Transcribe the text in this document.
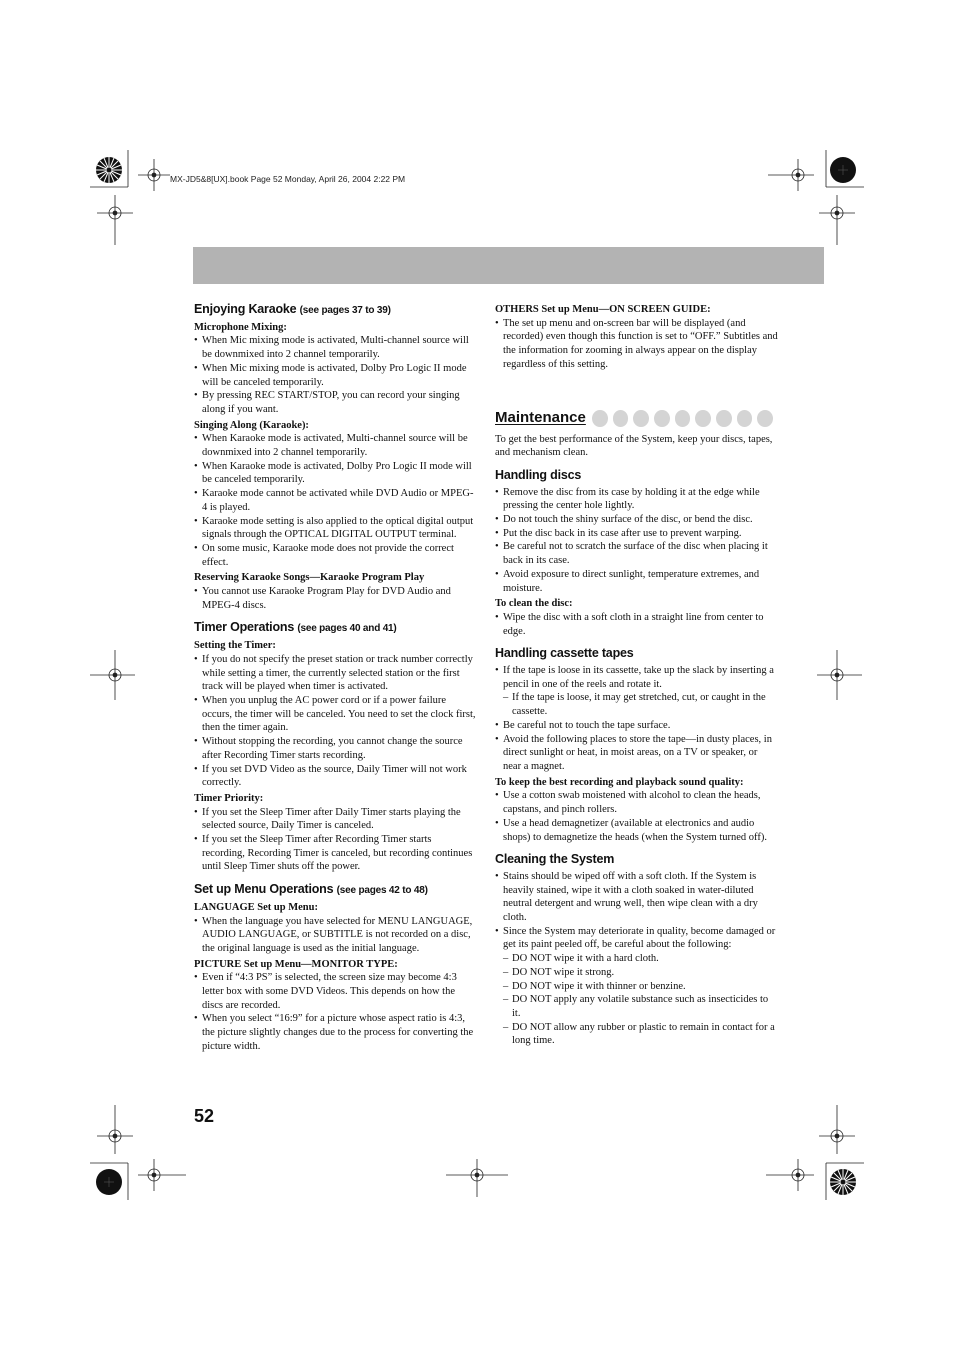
MX-JD5&8[UX].book Page 52 Monday, April 26, 2004 2:22 PM
Enjoying Karaoke (see pages 37 to 39)
Microphone Mixing:
• When Mic mixing mode is activated, Multi-channel source will be downmixed into 2 channel temporarily.
• When Mic mixing mode is activated, Dolby Pro Logic II mode will be canceled temporarily.
• By pressing REC START/STOP, you can record your singing along if you want.
Singing Along (Karaoke):
• When Karaoke mode is activated, Multi-channel source will be downmixed into 2 channel temporarily.
• When Karaoke mode is activated, Dolby Pro Logic II mode will be canceled temporarily.
• Karaoke mode cannot be activated while DVD Audio or MPEG-4 is played.
• Karaoke mode setting is also applied to the optical digital output signals through the OPTICAL DIGITAL OUTPUT terminal.
• On some music, Karaoke mode does not provide the correct effect.
Reserving Karaoke Songs—Karaoke Program Play
• You cannot use Karaoke Program Play for DVD Audio and MPEG-4 discs.
Timer Operations (see pages 40 and 41)
Setting the Timer:
• If you do not specify the preset station or track number correctly while setting a timer, the currently selected station or the first track will be played when timer is activated.
• When you unplug the AC power cord or if a power failure occurs, the timer will be canceled. You need to set the clock first, then the timer again.
• Without stopping the recording, you cannot change the source after Recording Timer starts recording.
• If you set DVD Video as the source, Daily Timer will not work correctly.
Timer Priority:
• If you set the Sleep Timer after Daily Timer starts playing the selected source, Daily Timer is canceled.
• If you set the Sleep Timer after Recording Timer starts recording, Recording Timer is canceled, but recording continues until Sleep Timer shuts off the power.
Set up Menu Operations (see pages 42 to 48)
LANGUAGE Set up Menu:
• When the language you have selected for MENU LANGUAGE, AUDIO LANGUAGE, or SUBTITLE is not recorded on a disc, the original language is used as the initial language.
PICTURE Set up Menu—MONITOR TYPE:
• Even if “4:3 PS” is selected, the screen size may become 4:3 letter box with some DVD Videos. This depends on how the discs are recorded.
• When you select “16:9” for a picture whose aspect ratio is 4:3, the picture slightly changes due to the process for converting the picture width.
OTHERS Set up Menu—ON SCREEN GUIDE:
• The set up menu and on-screen bar will be displayed (and recorded) even though this function is set to “OFF.” Subtitles and the information for zooming in always appear on the display regardless of this setting.
Maintenance

To get the best performance of the System, keep your discs, tapes, and mechanism clean.

Handling discs
• Remove the disc from its case by holding it at the edge while pressing the center hole lightly.
• Do not touch the shiny surface of the disc, or bend the disc.
• Put the disc back in its case after use to prevent warping.
• Be careful not to scratch the surface of the disc when placing it back in its case.
• Avoid exposure to direct sunlight, temperature extremes, and moisture.
To clean the disc:
• Wipe the disc with a soft cloth in a straight line from center to edge.
Handling cassette tapes
• If the tape is loose in its cassette, take up the slack by inserting a pencil in one of the reels and rotate it.
– If the tape is loose, it may get stretched, cut, or caught in the cassette.
• Be careful not to touch the tape surface.
• Avoid the following places to store the tape—in dusty places, in direct sunlight or heat, in moist areas, on a TV or speaker, or near a magnet.
To keep the best recording and playback sound quality:
• Use a cotton swab moistened with alcohol to clean the heads, capstans, and pinch rollers.
• Use a head demagnetizer (available at electronics and audio shops) to demagnetize the heads (when the System turned off).
Cleaning the System
• Stains should be wiped off with a soft cloth. If the System is heavily stained, wipe it with a cloth soaked in water-diluted neutral detergent and wrung well, then wipe clean with a dry cloth.
• Since the System may deteriorate in quality, become damaged or get its paint peeled off, be careful about the following:
– DO NOT wipe it with a hard cloth.
– DO NOT wipe it strong.
– DO NOT wipe it with thinner or benzine.
– DO NOT apply any volatile substance such as insecticides to it.
– DO NOT allow any rubber or plastic to remain in contact for a long time.
52
